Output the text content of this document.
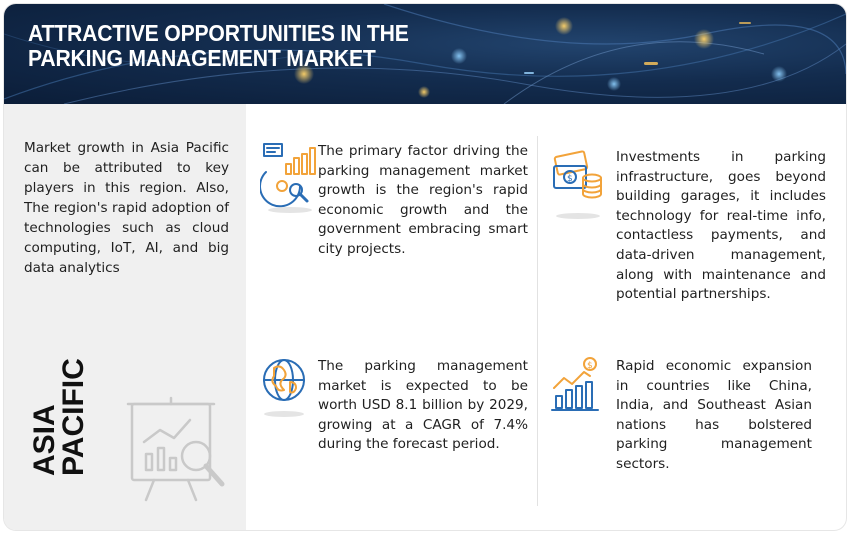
ATTRACTIVE OPPORTUNITIES IN THE PARKING MANAGEMENT MARKET
Market growth in Asia Pacific can be attributed to key players in this region. Also, The region's rapid adoption of technologies such as cloud computing, IoT, AI, and big data analytics
ASIA PACIFIC
The primary factor driving the parking management market growth is the region's rapid economic growth and the government embracing smart city projects.
$
Investments in parking infrastructure, goes beyond building garages, it includes technology for real-time info, contactless payments, and data-driven management, along with maintenance and potential partnerships.
The parking management market is expected to be worth USD 8.1 billion by 2029, growing at a CAGR of 7.4% during the forecast period.
$ Rapid economic expansion in countries like China, India, and Southeast Asian nations has bolstered parking management sectors.
